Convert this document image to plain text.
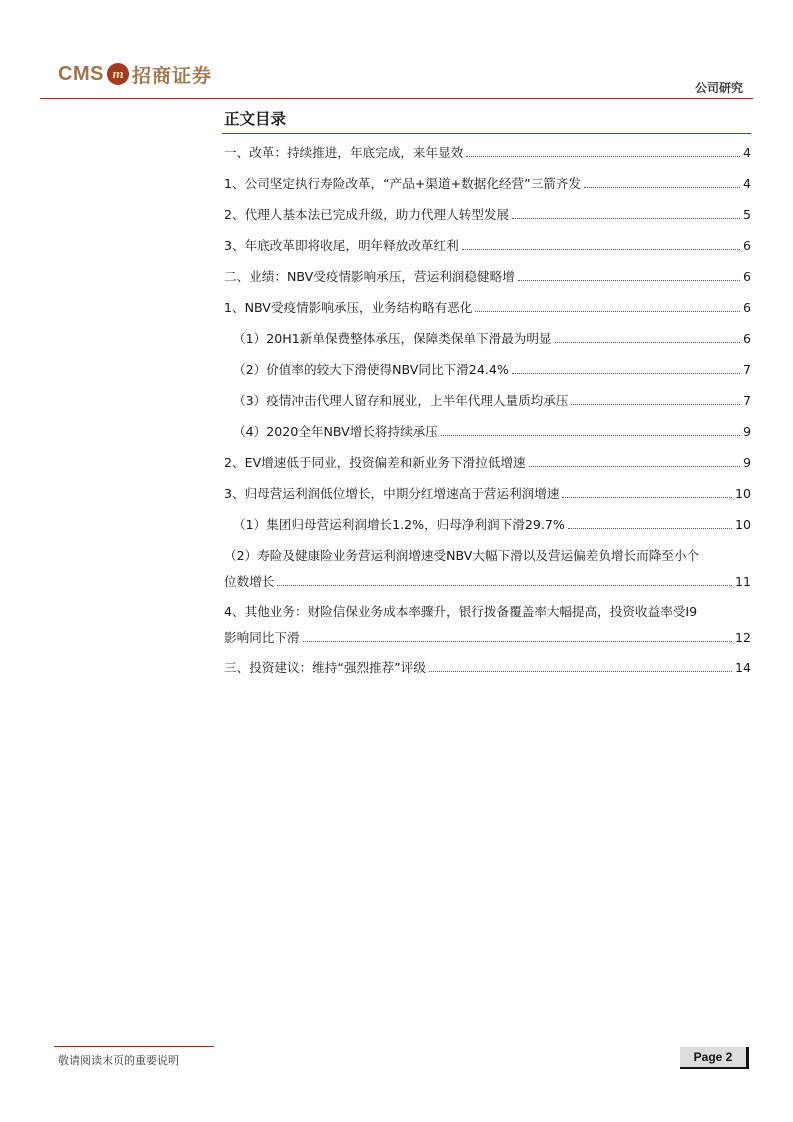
CMS m 招商证券
公司研究
正文目录
一、改革：持续推进，年底完成，来年显效	4
1、公司坚定执行寿险改革，“产品+渠道+数据化经营”三箭齐发	4
2、代理人基本法已完成升级，助力代理人转型发展	5
3、年底改革即将收尾，明年释放改革红利	6
二、业绩：NBV受疫情影响承压，营运利润稳健略增	6
1、NBV受疫情影响承压，业务结构略有恶化	6
（1）20H1新单保费整体承压，保障类保单下滑最为明显	6
（2）价值率的较大下滑使得NBV同比下滑24.4%	7
（3）疫情冲击代理人留存和展业，上半年代理人量质均承压	7
（4）2020全年NBV增长将持续承压	9
2、EV增速低于同业，投资偏差和新业务下滑拉低增速	9
3、归母营运利润低位增长，中期分红增速高于营运利润增速	10
（1）集团归母营运利润增长1.2%，归母净利润下滑29.7%	10
（2）寿险及健康险业务营运利润增速受NBV大幅下滑以及营运偏差负增长而降至小个
位数增长	11
4、其他业务：财险信保业务成本率骤升，银行拨备覆盖率大幅提高，投资收益率受I9
影响同比下滑	12
三、投资建议：维持“强烈推荐”评级	14
敬请阅读末页的重要说明	Page 2
